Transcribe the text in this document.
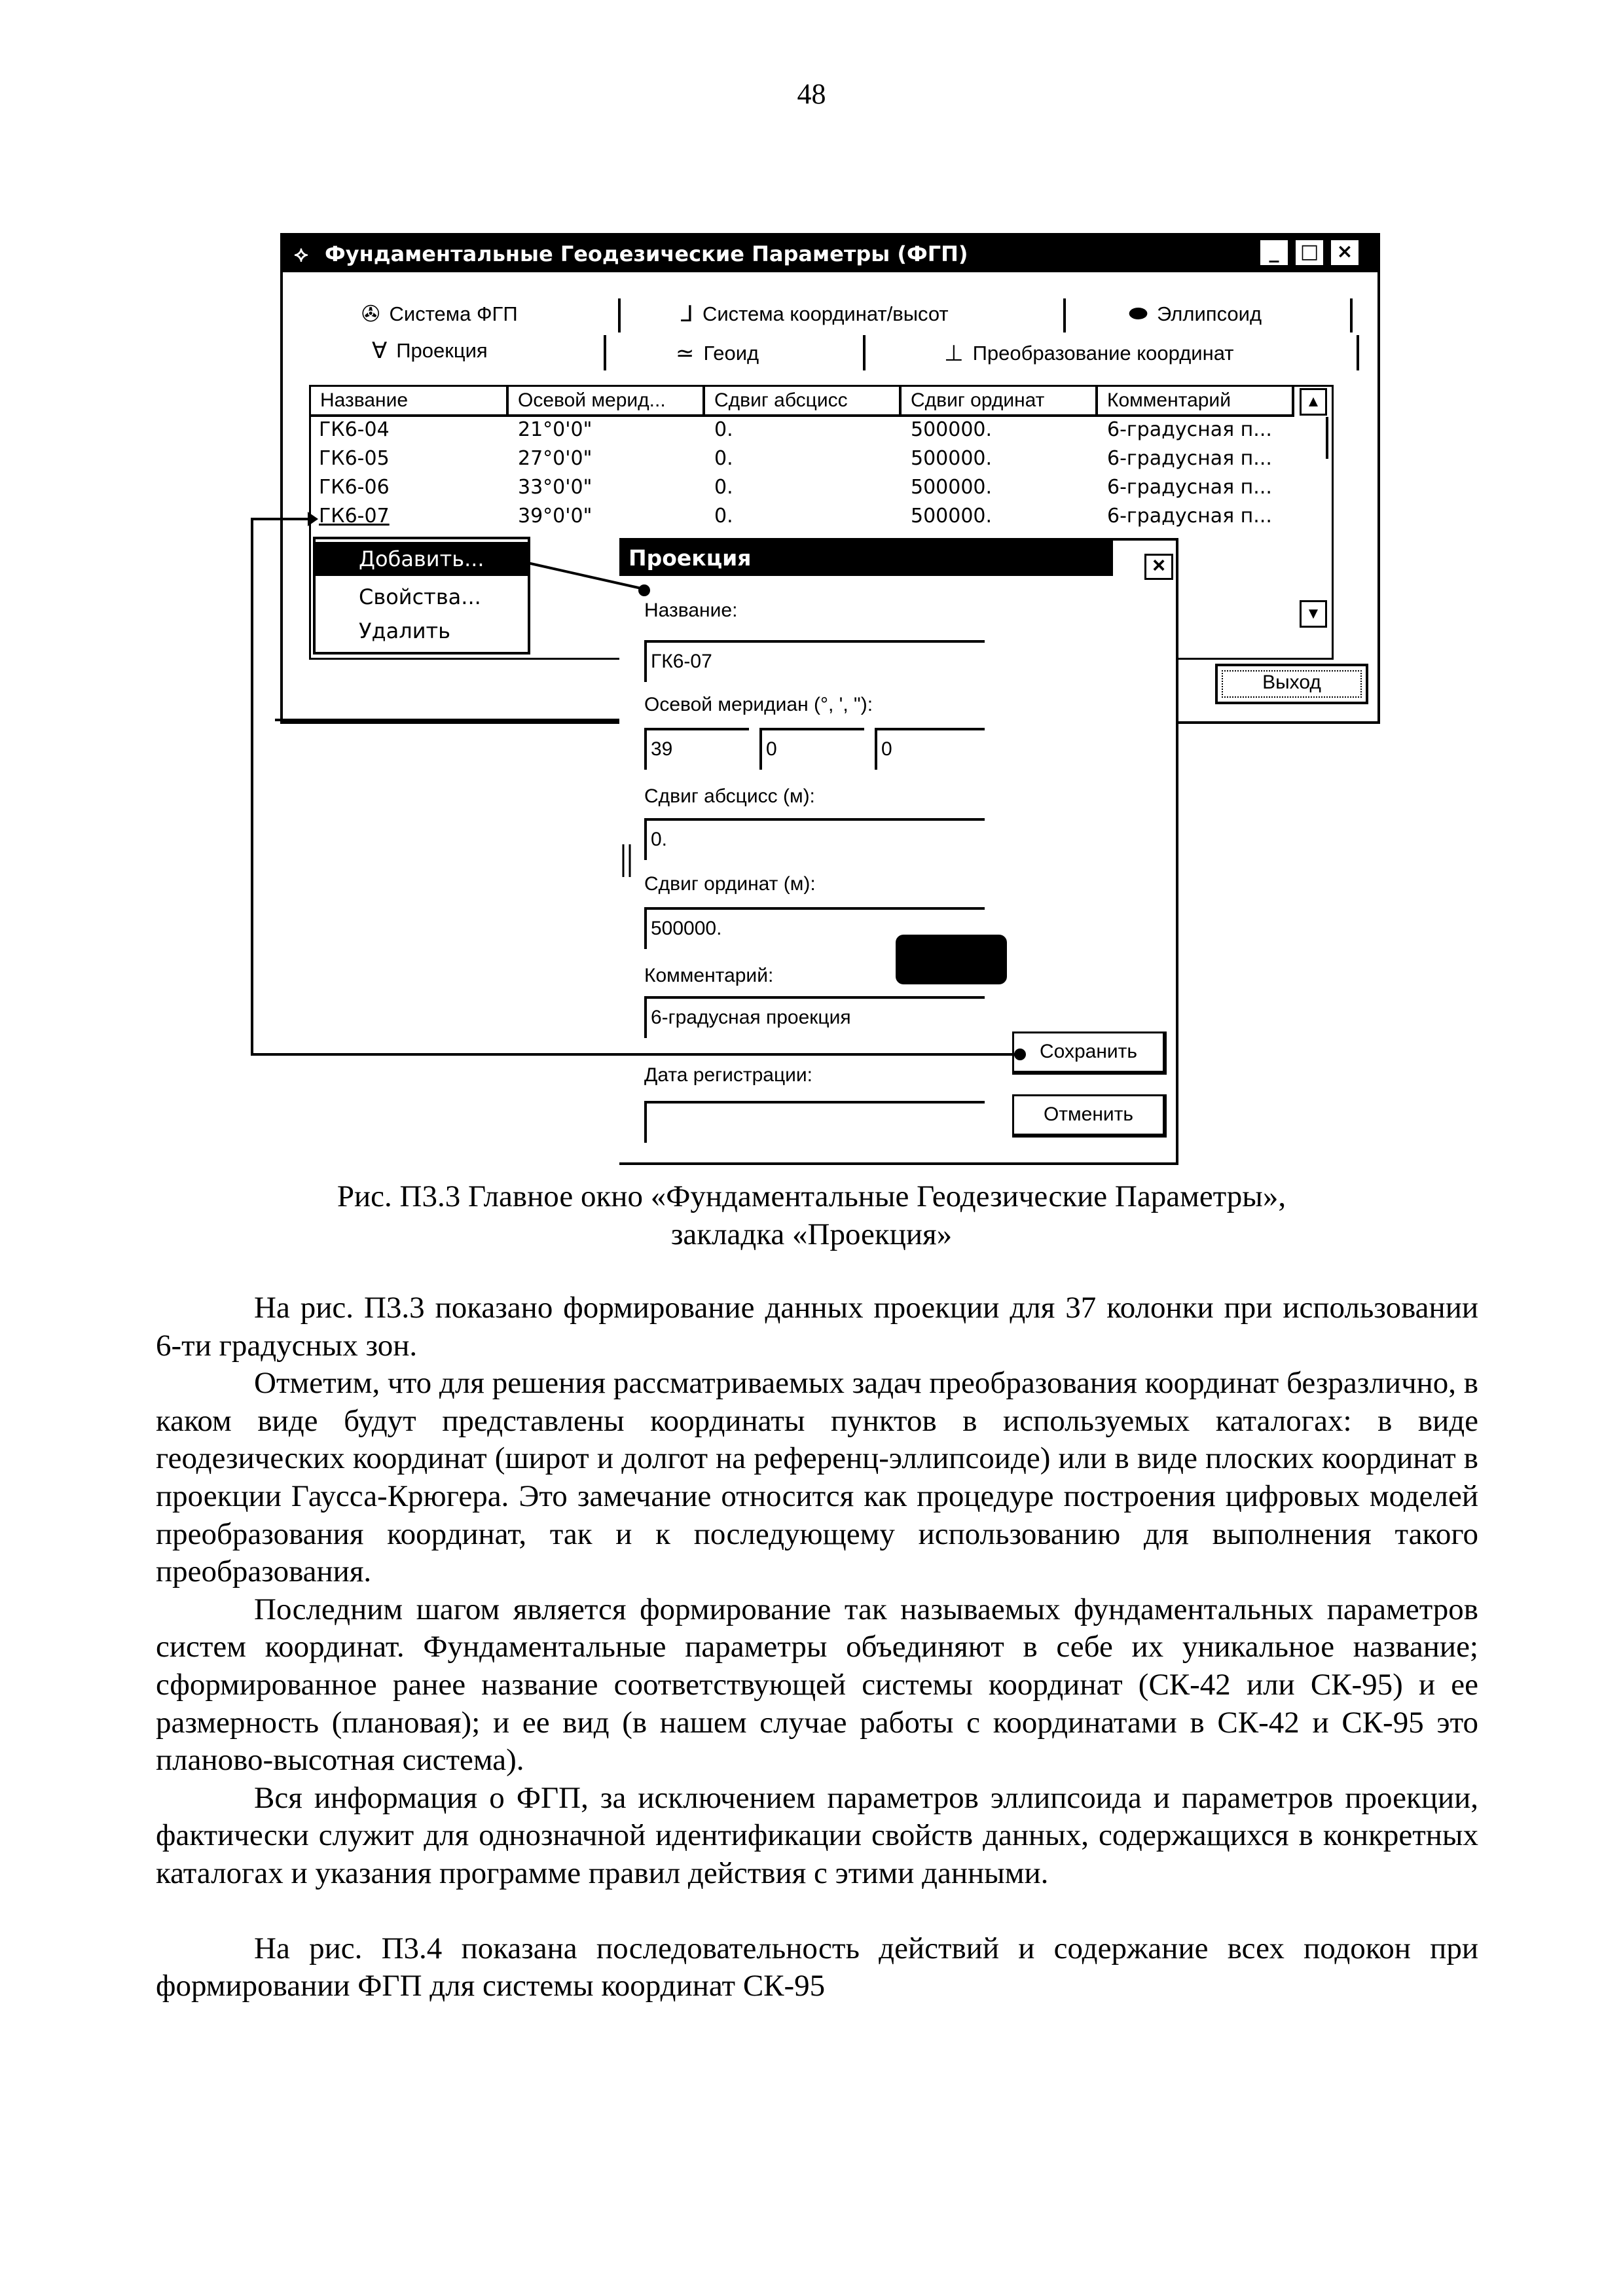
48
⟡ Фундаментальные Геодезические Параметры (ФГП)	_	□ ×
✇ Система ФГП	⅃ Система координат/высот	⬬ Эллипсоид
∀ Проекция	≃ Геоид	⊥ Преобразование координат
Название	Осевой мерид...	Сдвиг абсцисс	Сдвиг ординат	Комментарий
ГК6-04	21°0'0"	0.	500000.	6-градусная п...
ГК6-05	27°0'0"	0.	500000.	6-градусная п...
ГК6-06	33°0'0"	0.	500000.	6-градусная п...
ГК6-07	39°0'0"	0.	500000.	6-градусная п...
▲
▼
Выход
Добавить...
Свойства...
Удалить
Проекция	×
Название:
ГК6-07
Осевой меридиан (°, ', "):
39	0	0
Сдвиг абсцисс (м):
0.
Сдвиг ординат (м):
500000.
Комментарий:
6-градусная проекция
Дата регистрации:
Сохранить
Отменить
Рис. П3.3 Главное окно «Фундаментальные Геодезические Параметры»,
закладка «Проекция»

На рис. П3.3 показано формирование данных проекции для 37 колонки при использовании 6-ти градусных зон.

Отметим, что для решения рассматриваемых задач преобразования координат безразлично, в каком виде будут представлены координаты пунктов в используемых каталогах: в виде геодезических координат (широт и долгот на референц-эллипсоиде) или в виде плоских координат в проекции Гаусса-Крюгера. Это замечание относится как процедуре построения цифровых моделей преобразования координат, так и к последующему использованию для выполнения такого преобразования.

Последним шагом является формирование так называемых фундаментальных параметров систем координат. Фундаментальные параметры объединяют в себе их уникальное название; сформированное ранее название соответствующей системы координат (СК-42 или СК-95) и ее размерность (плановая); и ее вид (в нашем случае работы с координатами в СК-42 и СК-95 это планово-высотная система).

Вся информация о ФГП, за исключением параметров эллипсоида и параметров проекции, фактически служит для однозначной идентификации свойств данных, содержащихся в конкретных каталогах и указания программе правил действия с этими данными.

На рис. П3.4 показана последовательность действий и содержание всех подокон при формировании ФГП для системы координат СК-95
